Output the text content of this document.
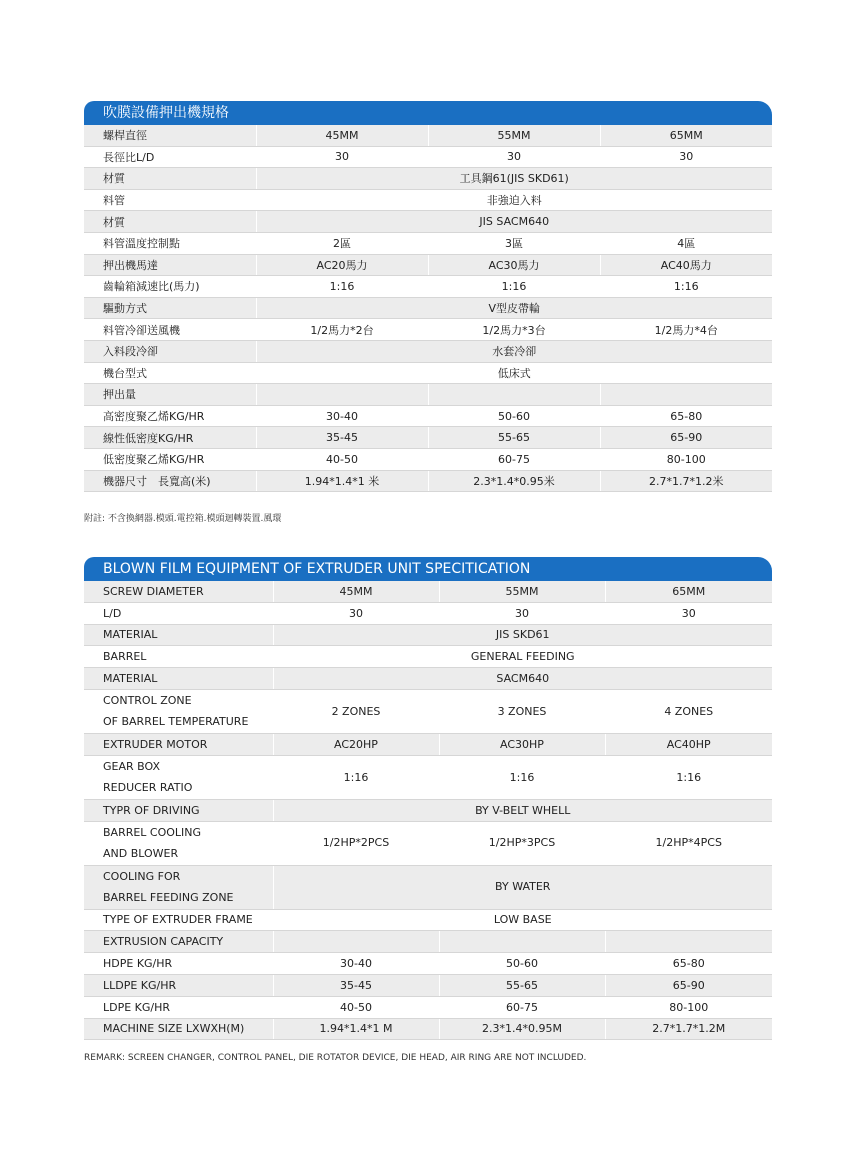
吹膜設備押出機規格
螺桿直徑	45MM	55MM	65MM
長徑比L/D	30	30	30
材質	工具鋼61(JIS SKD61)		
料管	非強迫入料		
材質	JIS SACM640		
料管溫度控制點	2區	3區	4區
押出機馬達	AC20馬力	AC30馬力	AC40馬力
齒輪箱減速比(馬力)	1:16	1:16	1:16
驅動方式	V型皮帶輪		
料管冷卻送風機	1/2馬力*2台	1/2馬力*3台	1/2馬力*4台
入料段冷卻	水套冷卻		
機台型式	低床式		
押出量			
高密度聚乙烯KG/HR	30-40	50-60	65-80
線性低密度KG/HR	35-45	55-65	65-90
低密度聚乙烯KG/HR	40-50	60-75	80-100
機器尺寸　長寬高(米)	1.94*1.4*1 米	2.3*1.4*0.95米	2.7*1.7*1.2米
附註: 不含換網器.模頭.電控箱.模頭迴轉裝置.風環
BLOWN FILM EQUIPMENT OF EXTRUDER UNIT SPECITICATION
SCREW DIAMETER	45MM	55MM	65MM

L/D	30	30	30

MATERIAL	JIS SKD61		

BARREL	GENERAL FEEDING		

MATERIAL	SACM640		

CONTROL ZONE
OF BARREL TEMPERATURE	2 ZONES	3 ZONES	4 ZONES

EXTRUDER MOTOR	AC20HP	AC30HP	AC40HP

GEAR BOX
REDUCER RATIO	1:16	1:16	1:16

TYPR OF DRIVING	BY V-BELT WHELL		

BARREL COOLING
AND BLOWER	1/2HP*2PCS	1/2HP*3PCS	1/2HP*4PCS

COOLING FOR
BARREL FEEDING ZONE	BY WATER		

TYPE OF EXTRUDER FRAME	LOW BASE		

EXTRUSION CAPACITY			

HDPE KG/HR	30-40	50-60	65-80

LLDPE KG/HR	35-45	55-65	65-90

LDPE KG/HR	40-50	60-75	80-100

MACHINE SIZE LXWXH(M)	1.94*1.4*1 M	2.3*1.4*0.95M	2.7*1.7*1.2M
REMARK: SCREEN CHANGER, CONTROL PANEL, DIE ROTATOR DEVICE, DIE HEAD, AIR RING ARE NOT INCLUDED.
